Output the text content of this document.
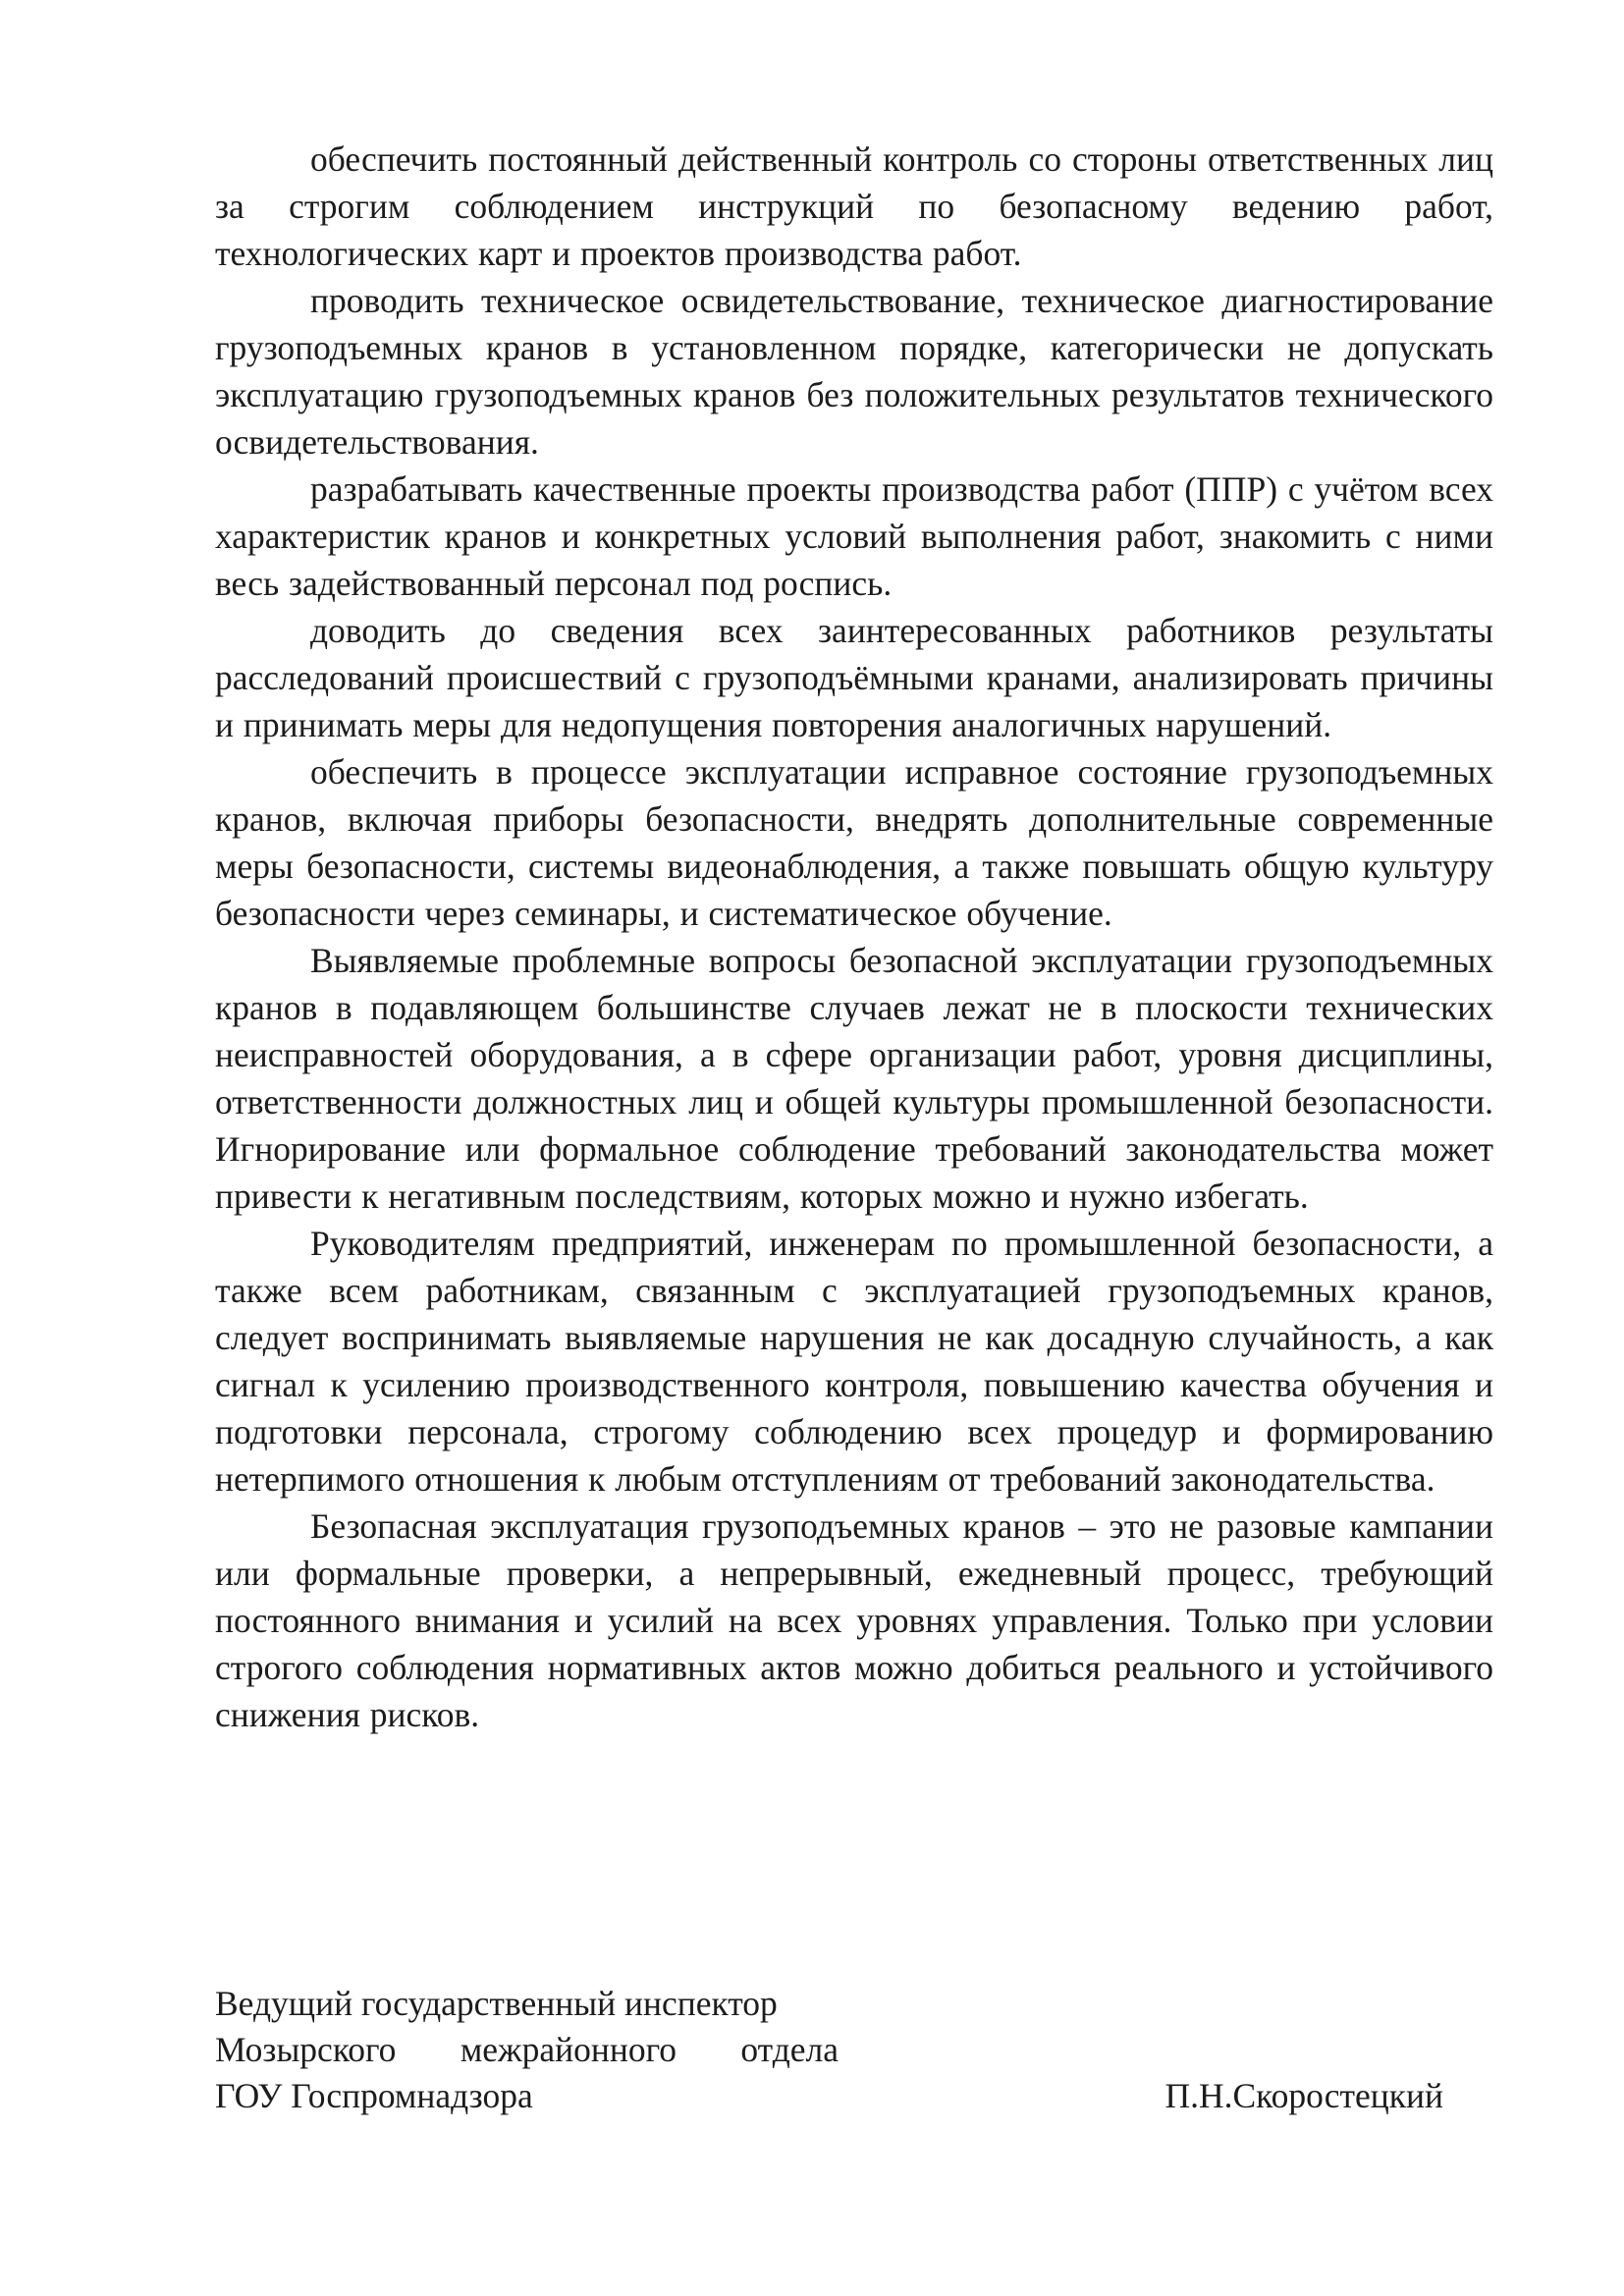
обеспечить постоянный действенный контроль со стороны ответственных лиц за строгим соблюдением инструкций по безопасному ведению работ, технологических карт и проектов производства работ.

проводить техническое освидетельствование, техническое диагностирование грузоподъемных кранов в установленном порядке, категорически не допускать эксплуатацию грузоподъемных кранов без положительных результатов технического освидетельствования.

разрабатывать качественные проекты производства работ (ППР) с учётом всех характеристик кранов и конкретных условий выполнения работ, знакомить с ними весь задействованный персонал под роспись.

доводить до сведения всех заинтересованных работников результаты расследований происшествий с грузоподъёмными кранами, анализировать причины и принимать меры для недопущения повторения аналогичных нарушений.

обеспечить в процессе эксплуатации исправное состояние грузоподъемных кранов, включая приборы безопасности, внедрять дополнительные современные меры безопасности, системы видеонаблюдения, а также повышать общую культуру безопасности через семинары, и систематическое обучение.

Выявляемые проблемные вопросы безопасной эксплуатации грузоподъемных кранов в подавляющем большинстве случаев лежат не в плоскости технических неисправностей оборудования, а в сфере организации работ, уровня дисциплины, ответственности должностных лиц и общей культуры промышленной безопасности. Игнорирование или формальное соблюдение требований законодательства может привести к негативным последствиям, которых можно и нужно избегать.

Руководителям предприятий, инженерам по промышленной безопасности, а также всем работникам, связанным с эксплуатацией грузоподъемных кранов, следует воспринимать выявляемые нарушения не как досадную случайность, а как сигнал к усилению производственного контроля, повышению качества обучения и подготовки персонала, строгому соблюдению всех процедур и формированию нетерпимого отношения к любым отступлениям от требований законодательства.

Безопасная эксплуатация грузоподъемных кранов – это не разовые кампании или формальные проверки, а непрерывный, ежедневный процесс, требующий постоянного внимания и усилий на всех уровнях управления. Только при условии строгого соблюдения нормативных актов можно добиться реального и устойчивого снижения рисков.

Ведущий государственный инспектор
Мозырского межрайонного отдела
ГОУ Госпромнадзора	П.Н.Скоростецкий
